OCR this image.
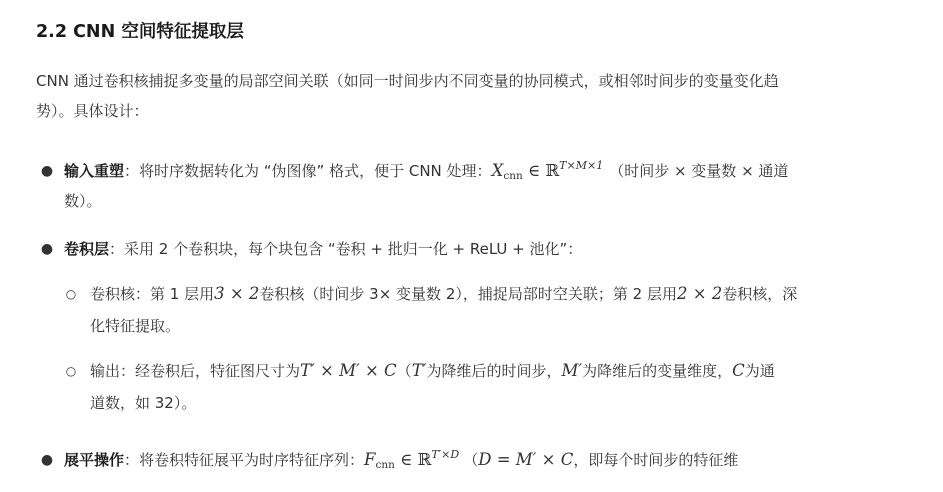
2.2 CNN 空间特征提取层

CNN 通过卷积核捕捉多变量的局部空间关联（如同一时间步内不同变量的协同模式，或相邻时间步的变量变化趋
势）。具体设计：

● 输入重塑：将时序数据转化为 “伪图像” 格式，便于 CNN 处理：$X_{cnn}$ ∈ ℝ$^{T\times M\times 1}$ （时间步 × 变量数 × 通道
数）。
● 卷积层：采用 2 个卷积块，每个块包含 “卷积 + 批归一化 + ReLU + 池化”：
○ 卷积核：第 1 层用3 × 2卷积核（时间步 3× 变量数 2），捕捉局部时空关联；第 2 层用2 × 2卷积核，深
化特征提取。
○ 输出：经卷积后，特征图尺寸为T′ × M′ × C（T′为降维后的时间步，M′为降维后的变量维度，C为通
道数，如 32）。
● 展平操作：将卷积特征展平为时序特征序列：$F_{cnn}$ ∈ ℝ$^{T'\times D}$ （D = M′ × C，即每个时间步的特征维
